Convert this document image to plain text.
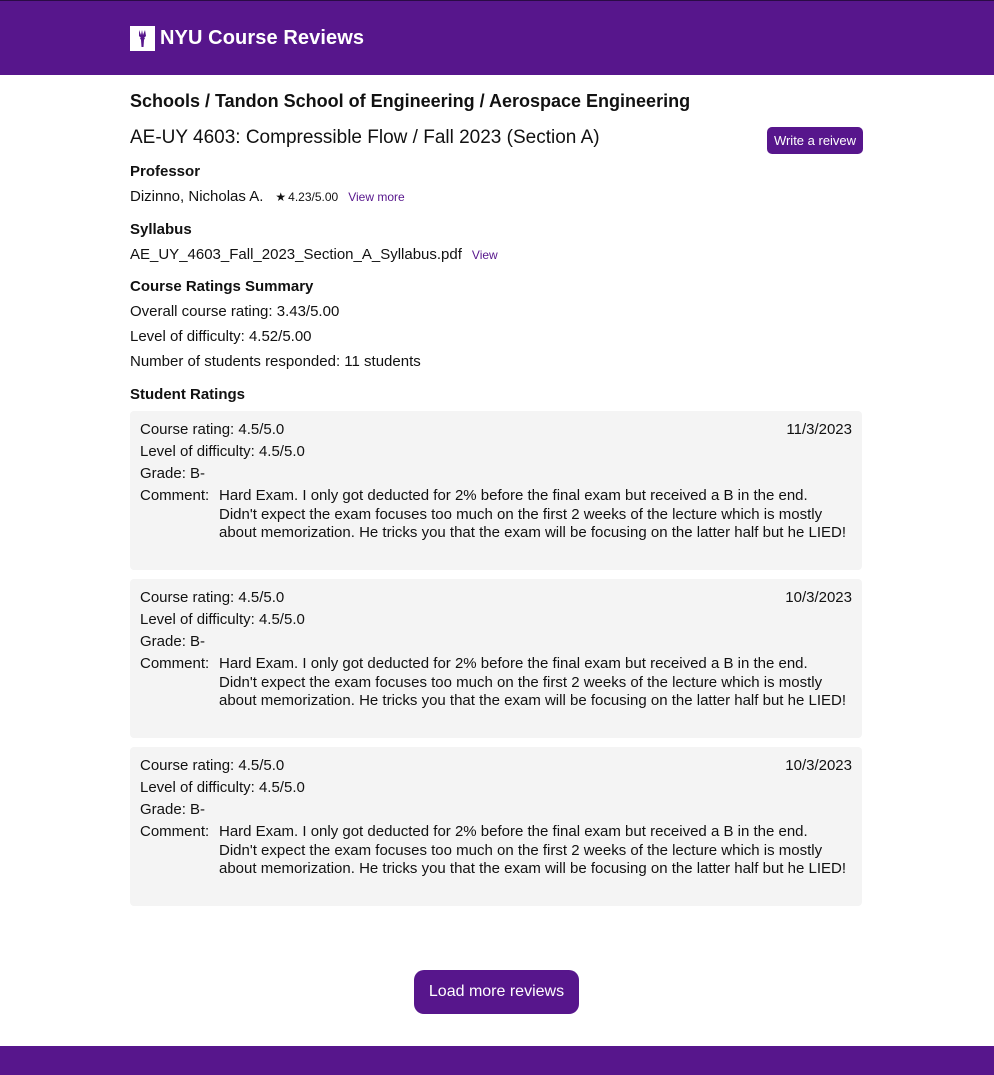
NYU Course Reviews
Schools / Tandon School of Engineering / Aerospace Engineering
AE-UY 4603: Compressible Flow / Fall 2023 (Section A)	Write a reivew
Professor
Dizinno, Nicholas A. ★ 4.23/5.00 View more
Syllabus
AE_UY_4603_Fall_2023_Section_A_Syllabus.pdf View
Course Ratings Summary
Overall course rating: 3.43/5.00
Level of difficulty: 4.52/5.00
Number of students responded: 11 students
Student Ratings
Course rating: 4.5/5.0	11/3/2023
Level of difficulty: 4.5/5.0
Grade: B-
Comment: Hard Exam. I only got deducted for 2% before the final exam but received a B in the end. Didn't expect the exam focuses too much on the first 2 weeks of the lecture which is mostly about memorization. He tricks you that the exam will be focusing on the latter half but he LIED!
Course rating: 4.5/5.0	10/3/2023
Level of difficulty: 4.5/5.0
Grade: B-
Comment: Hard Exam. I only got deducted for 2% before the final exam but received a B in the end. Didn't expect the exam focuses too much on the first 2 weeks of the lecture which is mostly about memorization. He tricks you that the exam will be focusing on the latter half but he LIED!
Course rating: 4.5/5.0	10/3/2023
Level of difficulty: 4.5/5.0
Grade: B-
Comment: Hard Exam. I only got deducted for 2% before the final exam but received a B in the end. Didn't expect the exam focuses too much on the first 2 weeks of the lecture which is mostly about memorization. He tricks you that the exam will be focusing on the latter half but he LIED!
Load more reviews
